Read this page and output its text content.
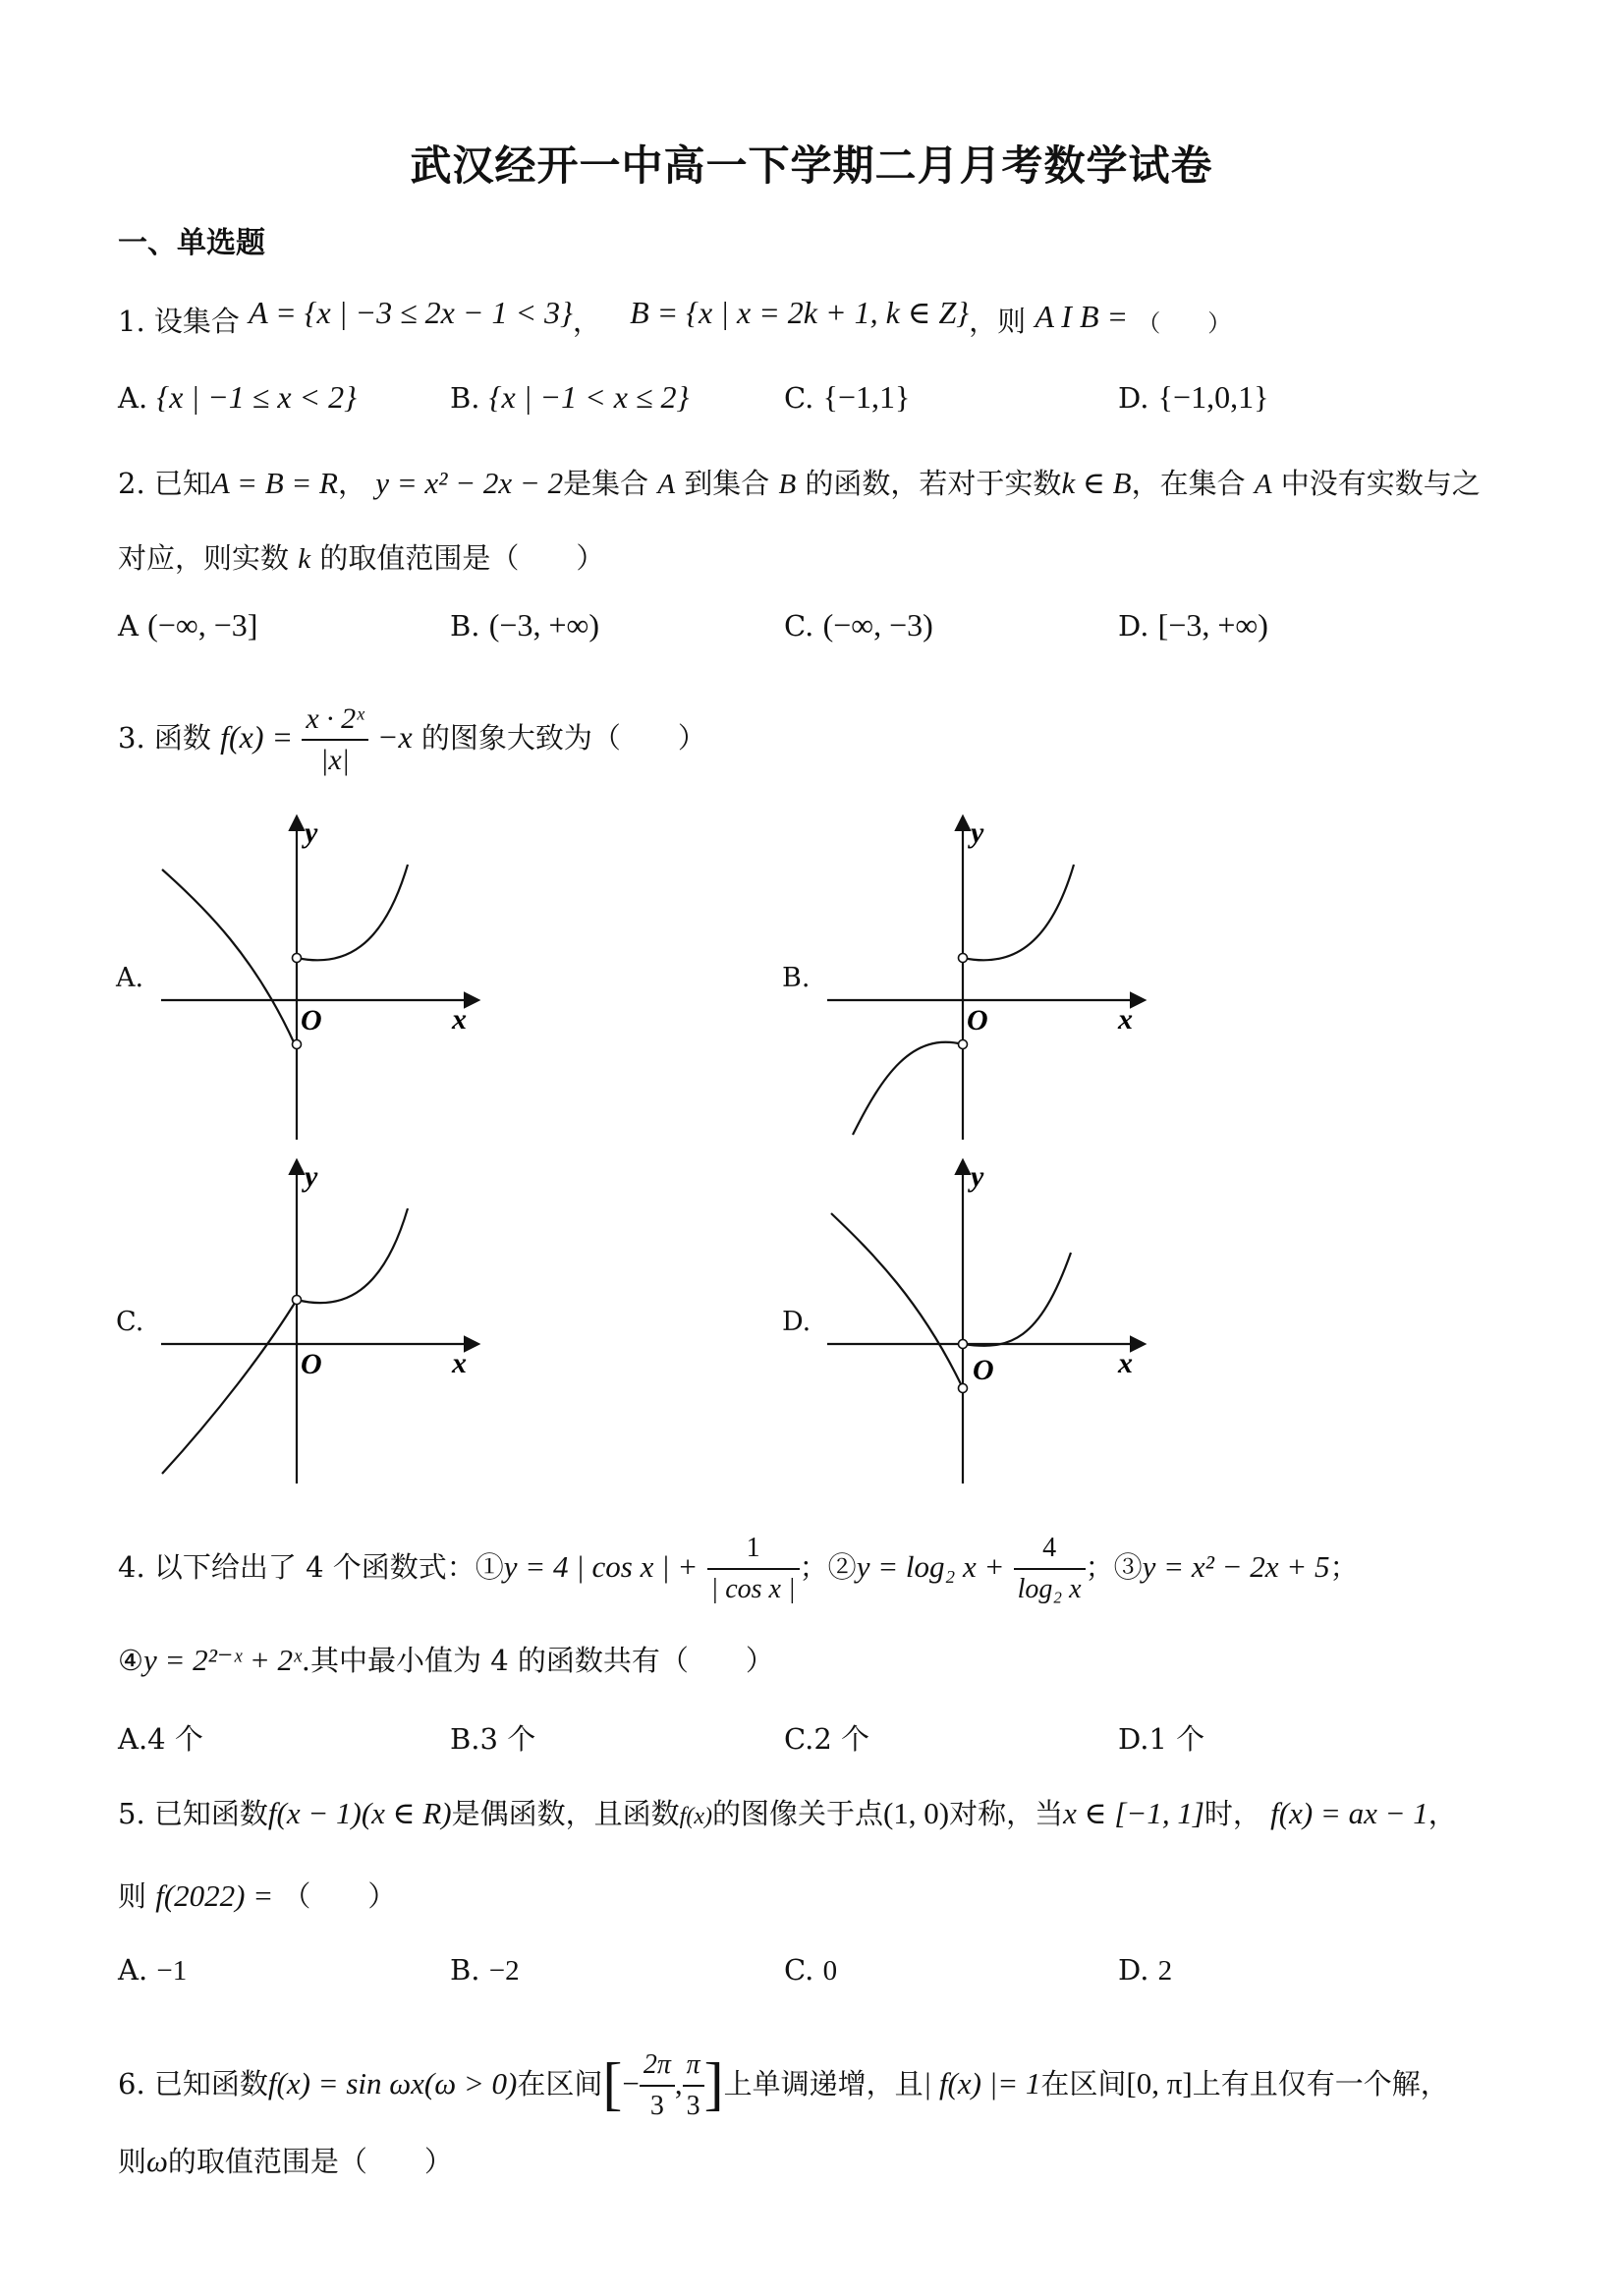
武汉经开一中高一下学期二月月考数学试卷
一、单选题
1. 设集合 A = {x | −3 ≤ 2x − 1 < 3}， B = {x | x = 2k + 1, k ∈ Z}，则 A I B = （　　）
A. {x | −1 ≤ x < 2}	B. {x | −1 < x ≤ 2}	C. {−1,1}	D. {−1,0,1}
2. 已知A = B = R， y = x² − 2x − 2是集合 A 到集合 B 的函数，若对于实数k ∈ B，在集合 A 中没有实数与之
对应，则实数 k 的取值范围是（　　）
A (−∞, −3]	B. (−3, +∞)	C. (−∞, −3)	D. [−3, +∞)
3. 函数 $f(x) = \frac{\text{x · 2ˣ}}{|x|} -x$ 的图象大致为（　　）
A.	B.
C.	D.
y
x
O
y
x
O
y
x
O
y
x
O
4. 以下给出了 4 个函数式：①y = 4 | cos x | + $\frac{1}{\text{| cos x |}}$ ；②y = log₂ $x + \frac{4}{\text{log₂ x}}$ ；③y = x² − 2x + 5；
④y = 2²⁻ˣ + 2ˣ.其中最小值为 4 的函数共有（　　）
A.4 个	B.3 个	C.2 个	D.1 个
5. 已知函数f(x − 1)(x ∈ R)是偶函数，且函数f(x)的图像关于点(1, 0)对称，当x ∈ [−1, 1]时， f(x) = ax − 1，
则 f(2022) = （　　）
A. −1	B. −2	C. 0	D. 2
6. 已知函数f(x) = sin ωx(ω > 0)在区间[− $\frac{2\pi}{3}$ , $\frac{\pi}{3}$ ]上单调递增，且| f(x) |= 1在区间[0, π]上有且仅有一个解，
则ω的取值范围是（　　）
